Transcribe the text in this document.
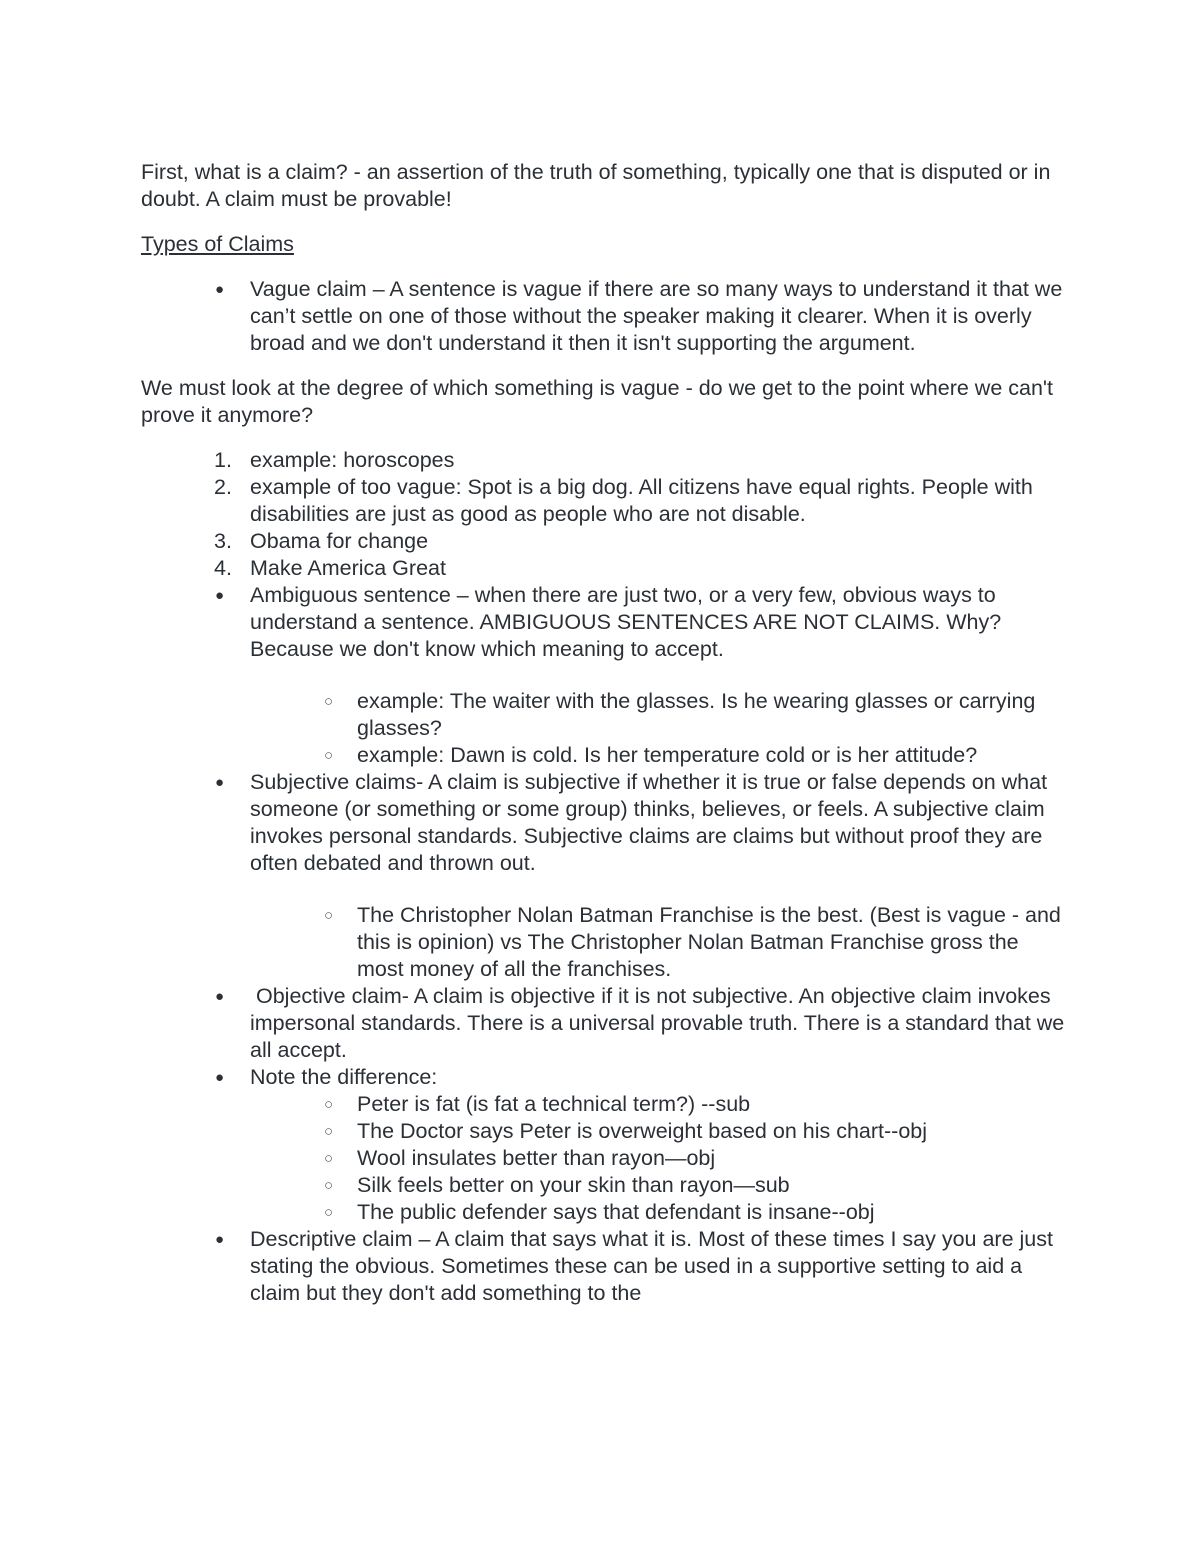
First, what is a claim? - an assertion of the truth of something, typically one that is disputed or in doubt. A claim must be provable!

Types of Claims

●	Vague claim – A sentence is vague if there are so many ways to understand it that we can’t settle on one of those without the speaker making it clearer. When it is overly broad and we don't understand it then it isn't supporting the argument.

We must look at the degree of which something is vague - do we get to the point where we can't prove it anymore?

1. example: horoscopes
2. example of too vague: Spot is a big dog. All citizens have equal rights. People with disabilities are just as good as people who are not disable.
3. Obama for change
4. Make America Great
●	Ambiguous sentence – when there are just two, or a very few, obvious ways to understand a sentence. AMBIGUOUS SENTENCES ARE NOT CLAIMS. Why? Because we don't know which meaning to accept.
○ example: The waiter with the glasses. Is he wearing glasses or carrying glasses?
○ example: Dawn is cold. Is her temperature cold or is her attitude?
●	Subjective claims- A claim is subjective if whether it is true or false depends on what someone (or something or some group) thinks, believes, or feels. A subjective claim invokes personal standards. Subjective claims are claims but without proof they are often debated and thrown out.
○ The Christopher Nolan Batman Franchise is the best. (Best is vague - and this is opinion) vs The Christopher Nolan Batman Franchise gross the most money of all the franchises.
●	Objective claim- A claim is objective if it is not subjective. An objective claim invokes impersonal standards. There is a universal provable truth. There is a standard that we all accept.
●	Note the difference:
○ Peter is fat (is fat a technical term?) --sub
○ The Doctor says Peter is overweight based on his chart--obj
○ Wool insulates better than rayon—obj
○ Silk feels better on your skin than rayon—sub
○ The public defender says that defendant is insane--obj
●	Descriptive claim – A claim that says what it is. Most of these times I say you are just stating the obvious. Sometimes these can be used in a supportive setting to aid a claim but they don't add something to the
